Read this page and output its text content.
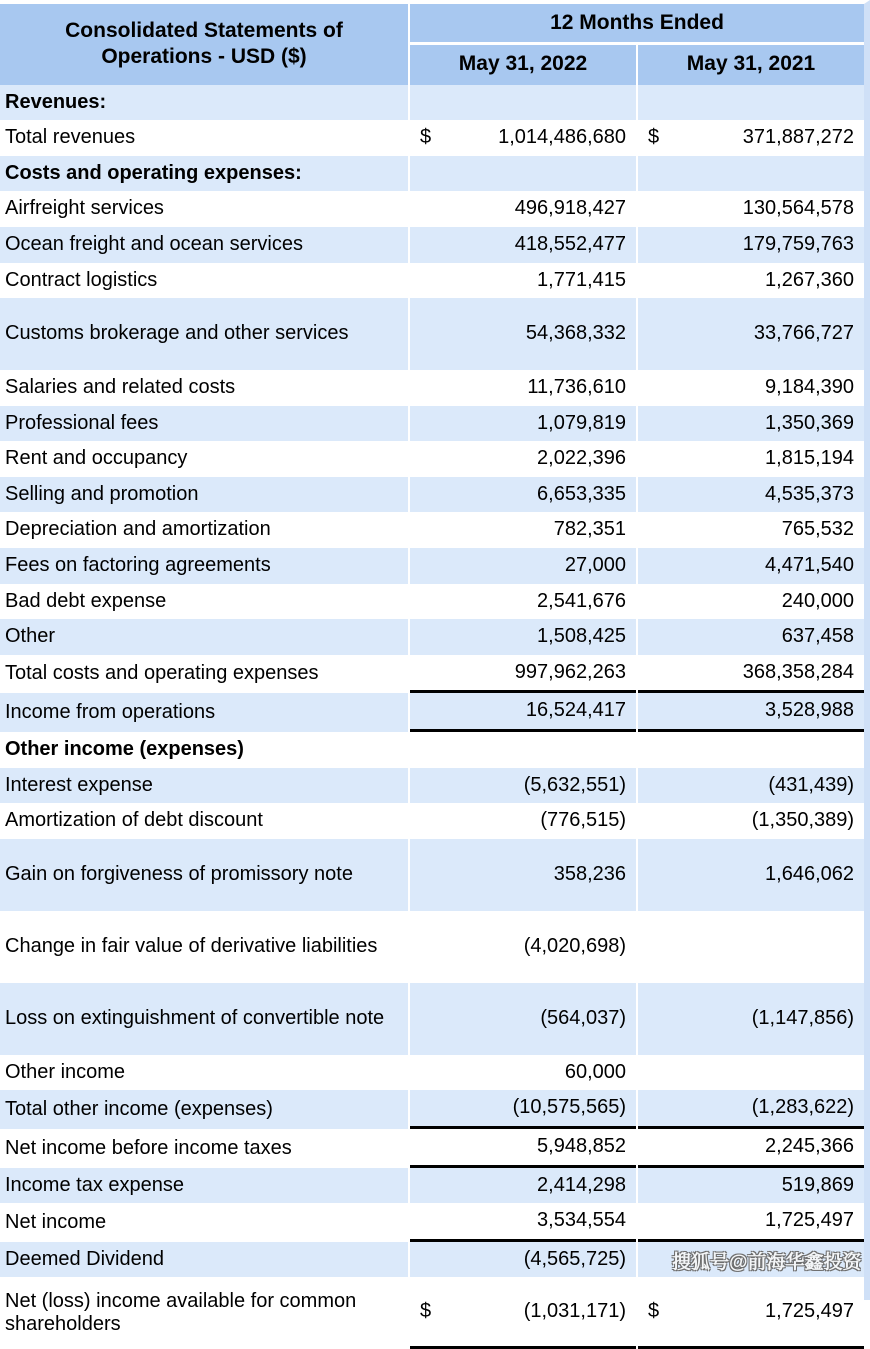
Consolidated Statements of Operations - USD ($)		12 Months Ended		
		May 31, 2022		May 31, 2021
Revenues:				
Total revenues		$ 1,014,486,680		$ 371,887,272
Costs and operating expenses:				
Airfreight services		496,918,427		130,564,578
Ocean freight and ocean services		418,552,477		179,759,763
Contract logistics		1,771,415		1,267,360
Customs brokerage and other services		54,368,332		33,766,727
Salaries and related costs		11,736,610		9,184,390
Professional fees		1,079,819		1,350,369
Rent and occupancy		2,022,396		1,815,194
Selling and promotion		6,653,335		4,535,373
Depreciation and amortization		782,351		765,532
Fees on factoring agreements		27,000		4,471,540
Bad debt expense		2,541,676		240,000
Other		1,508,425		637,458
Total costs and operating expenses		997,962,263		368,358,284
Income from operations		16,524,417		3,528,988
Other income (expenses)				
Interest expense		(5,632,551)		(431,439)
Amortization of debt discount		(776,515)		(1,350,389)
Gain on forgiveness of promissory note		358,236		1,646,062
Change in fair value of derivative liabilities		(4,020,698)		
Loss on extinguishment of convertible note		(564,037)		(1,147,856)
Other income		60,000		
Total other income (expenses)		(10,575,565)		(1,283,622)
Net income before income taxes		5,948,852		2,245,366
Income tax expense		2,414,298		519,869
Net income		3,534,554		1,725,497
Deemed Dividend		(4,565,725)		
Net (loss) income available for common shareholders		$ (1,031,171)		$ 1,725,497
搜狐号@前海华鑫投资
